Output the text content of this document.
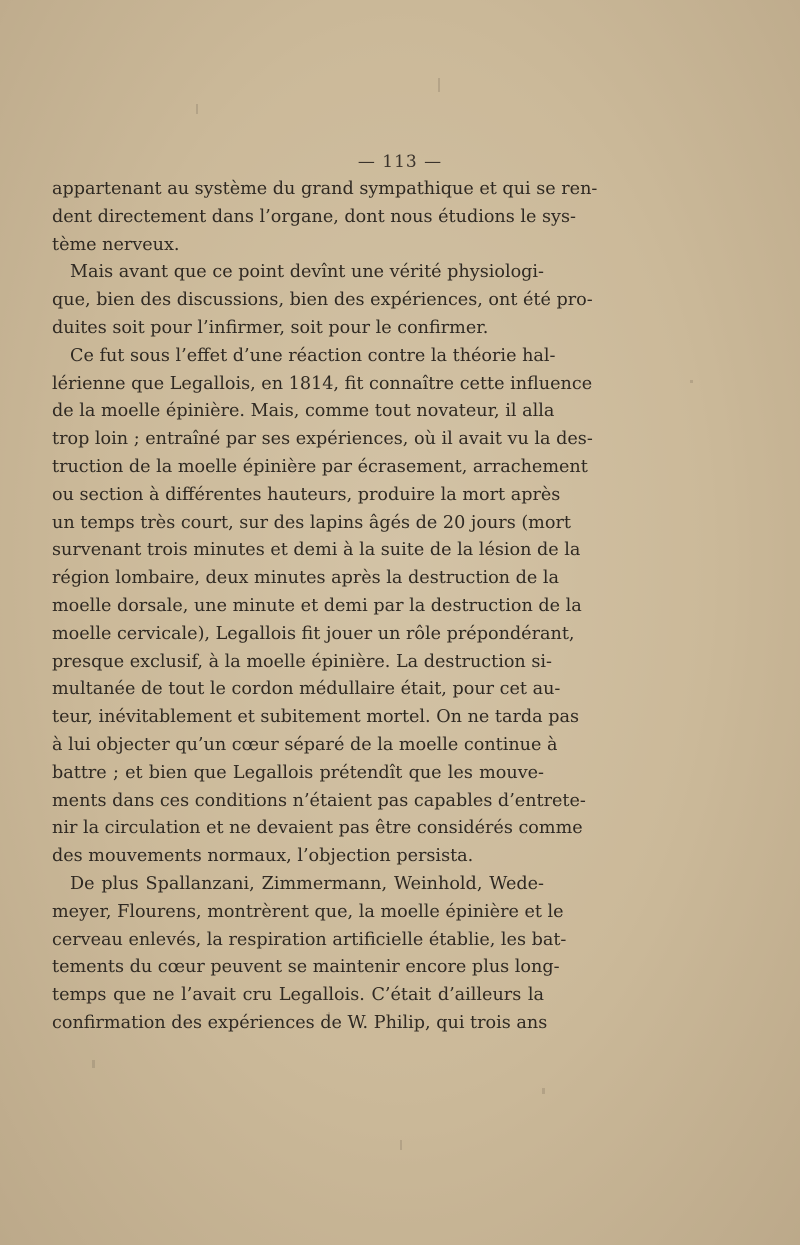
— 113 —
appartenant au système du grand sympathique et qui se ren-
dent directement dans l’organe, dont nous étudions le sys-
tème nerveux.
Mais avant que ce point devînt une vérité physiologi-
que, bien des discussions, bien des expériences, ont été pro-
duites soit pour l’infirmer, soit pour le confirmer.
Ce fut sous l’effet d’une réaction contre la théorie hal-
lérienne que Legallois, en 1814, fit connaître cette influence
de la moelle épinière. Mais, comme tout novateur, il alla
trop loin ; entraîné par ses expériences, où il avait vu la des-
truction de la moelle épinière par écrasement, arrachement
ou section à différentes hauteurs, produire la mort après
un temps très court, sur des lapins âgés de 20 jours (mort
survenant trois minutes et demi à la suite de la lésion de la
région lombaire, deux minutes après la destruction de la
moelle dorsale, une minute et demi par la destruction de la
moelle cervicale), Legallois fit jouer un rôle prépondérant,
presque exclusif, à la moelle épinière. La destruction si-
multanée de tout le cordon médullaire était, pour cet au-
teur, inévitablement et subitement mortel. On ne tarda pas
à lui objecter qu’un cœur séparé de la moelle continue à
battre ; et bien que Legallois prétendît que les mouve-
ments dans ces conditions n’étaient pas capables d’entrete-
nir la circulation et ne devaient pas être considérés comme
des mouvements normaux, l’objection persista.
De plus Spallanzani, Zimmermann, Weinhold, Wede-
meyer, Flourens, montrèrent que, la moelle épinière et le
cerveau enlevés, la respiration artificielle établie, les bat-
tements du cœur peuvent se maintenir encore plus long-
temps que ne l’avait cru Legallois. C’était d’ailleurs la
confirmation des expériences de W. Philip, qui trois ans
